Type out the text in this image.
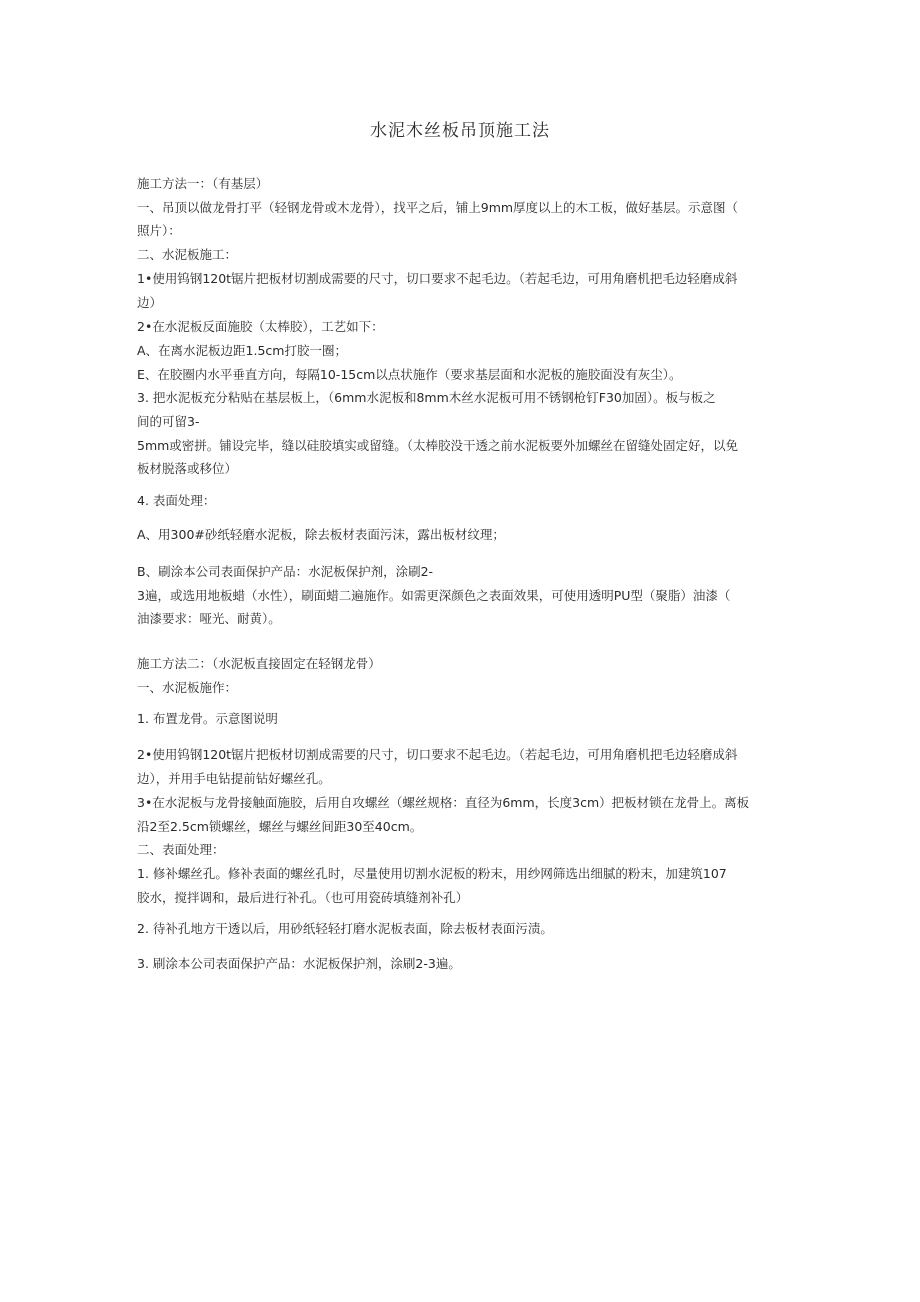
水泥木丝板吊顶施工法
施工方法一：（有基层）
一、吊顶以做龙骨打平（轻钢龙骨或木龙骨），找平之后，铺上9mm厚度以上的木工板，做好基层。示意图（
照片）：
二、水泥板施工：
1•使用钨钢120t锯片把板材切割成需要的尺寸，切口要求不起毛边。（若起毛边，可用角磨机把毛边轻磨成斜
边）
2•在水泥板反面施胶（太棒胶），工艺如下：
A、在离水泥板边距1.5cm打胶一圈；
E、在胶圈内水平垂直方向，每隔10-15cm以点状施作（要求基层面和水泥板的施胶面没有灰尘）。
3. 把水泥板充分粘贴在基层板上，（6mm水泥板和8mm木丝水泥板可用不锈钢枪钉F30加固）。板与板之
间的可留3-
5mm或密拼。铺设完毕，缝以硅胶填实或留缝。（太棒胶没干透之前水泥板要外加螺丝在留缝处固定好，以免
板材脱落或移位）
4. 表面处理：
A、用300#砂纸轻磨水泥板，除去板材表面污沫，露出板材纹理；
B、刷涂本公司表面保护产品：水泥板保护剂，涂刷2-
3遍，或选用地板蜡（水性），刷面蜡二遍施作。如需更深颜色之表面效果，可使用透明PU型（聚脂）油漆（
油漆要求：哑光、耐黄）。
施工方法二：（水泥板直接固定在轻钢龙骨）
一、水泥板施作：
1. 布置龙骨。示意图说明
2•使用钨钢120t锯片把板材切割成需要的尺寸，切口要求不起毛边。（若起毛边，可用角磨机把毛边轻磨成斜
边），并用手电钻提前钻好螺丝孔。
3•在水泥板与龙骨接触面施胶，后用自攻螺丝（螺丝规格：直径为6mm，长度3cm）把板材锁在龙骨上。离板
沿2至2.5cm锁螺丝，螺丝与螺丝间距30至40cm。
二、表面处理：
1. 修补螺丝孔。修补表面的螺丝孔时，尽量使用切割水泥板的粉末，用纱网筛选出细腻的粉末，加建筑107
胶水，搅拌调和，最后进行补孔。（也可用瓷砖填缝剂补孔）
2. 待补孔地方干透以后，用砂纸轻轻打磨水泥板表面，除去板材表面污渍。
3. 刷涂本公司表面保护产品：水泥板保护剂，涂刷2-3遍。
